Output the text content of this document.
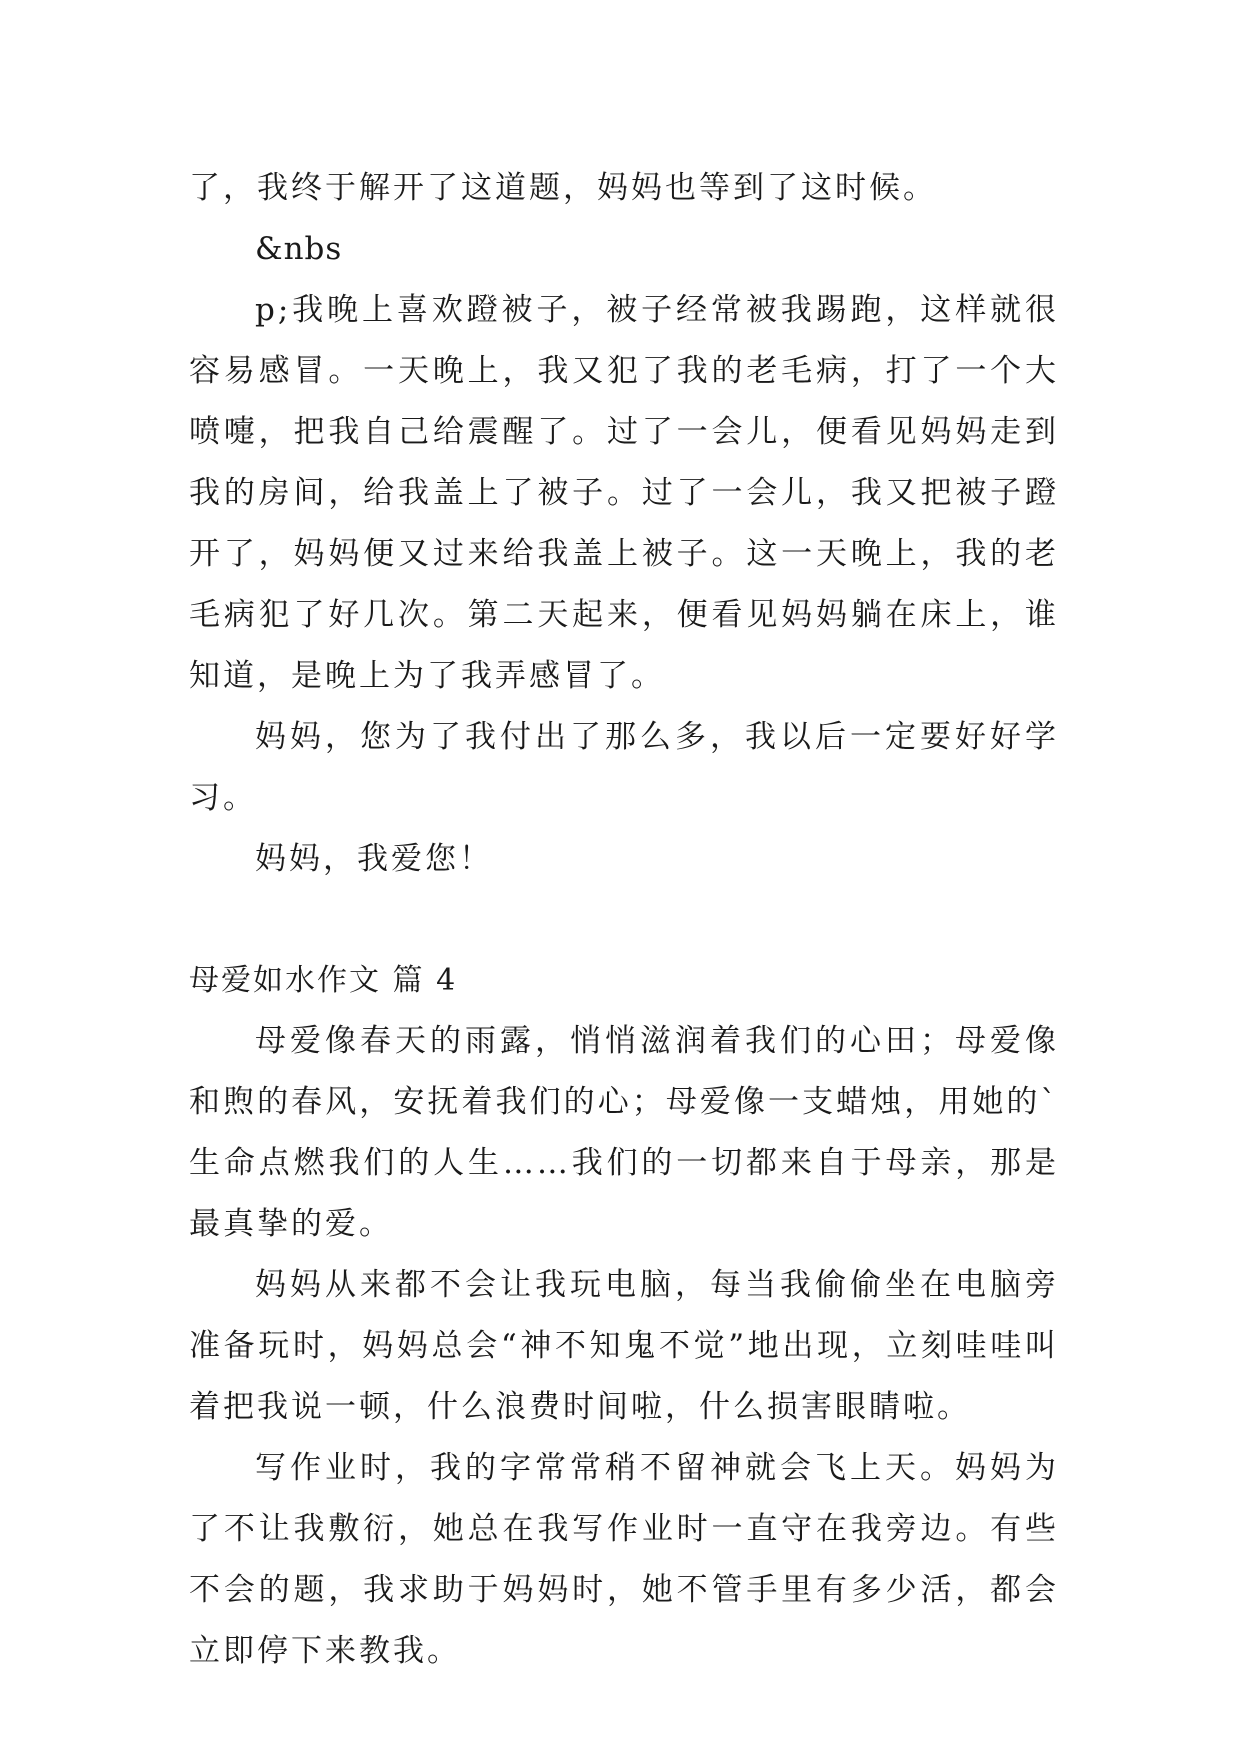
了，我终于解开了这道题，妈妈也等到了这时候。

&nbs

p;我晚上喜欢蹬被子，被子经常被我踢跑，这样就很容易感冒。一天晚上，我又犯了我的老毛病，打了一个大喷嚏，把我自己给震醒了。过了一会儿，便看见妈妈走到我的房间，给我盖上了被子。过了一会儿，我又把被子蹬开了，妈妈便又过来给我盖上被子。这一天晚上，我的老毛病犯了好几次。第二天起来，便看见妈妈躺在床上，谁知道，是晚上为了我弄感冒了。

妈妈，您为了我付出了那么多，我以后一定要好好学习。

妈妈，我爱您！

母爱如水作文 篇 4

母爱像春天的雨露，悄悄滋润着我们的心田；母爱像和煦的春风，安抚着我们的心；母爱像一支蜡烛，用她的`生命点燃我们的人生……我们的一切都来自于母亲，那是最真挚的爱。

妈妈从来都不会让我玩电脑，每当我偷偷坐在电脑旁准备玩时，妈妈总会“神不知鬼不觉”地出现，立刻哇哇叫着把我说一顿，什么浪费时间啦，什么损害眼睛啦。

写作业时，我的字常常稍不留神就会飞上天。妈妈为了不让我敷衍，她总在我写作业时一直守在我旁边。有些不会的题，我求助于妈妈时，她不管手里有多少活，都会立即停下来教我。
